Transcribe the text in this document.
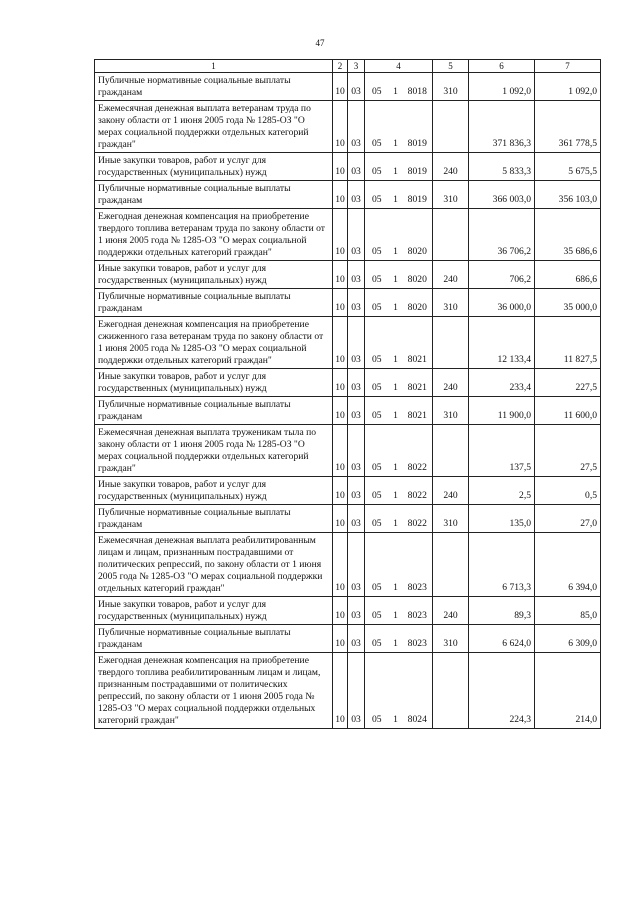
47
1	2	3	4			5	6	7
Публичные нормативные социальные выплаты гражданам	10	03	05	1	8018	310	1 092,0	1 092,0
Ежемесячная денежная выплата ветеранам труда по закону области от 1 июня 2005 года № 1285-ОЗ "О мерах социальной поддержки отдельных категорий граждан"	10	03	05	1	8019		371 836,3	361 778,5
Иные закупки товаров, работ и услуг для государственных (муниципальных) нужд	10	03	05	1	8019	240	5 833,3	5 675,5
Публичные нормативные социальные выплаты гражданам	10	03	05	1	8019	310	366 003,0	356 103,0
Ежегодная денежная компенсация на приобретение твердого топлива ветеранам труда по закону области от 1 июня 2005 года № 1285-ОЗ "О мерах социальной поддержки отдельных категорий граждан"	10	03	05	1	8020		36 706,2	35 686,6
Иные закупки товаров, работ и услуг для государственных (муниципальных) нужд	10	03	05	1	8020	240	706,2	686,6
Публичные нормативные социальные выплаты гражданам	10	03	05	1	8020	310	36 000,0	35 000,0
Ежегодная денежная компенсация на приобретение сжиженного газа ветеранам труда по закону области от 1 июня 2005 года № 1285-ОЗ "О мерах социальной поддержки отдельных категорий граждан"	10	03	05	1	8021		12 133,4	11 827,5
Иные закупки товаров, работ и услуг для государственных (муниципальных) нужд	10	03	05	1	8021	240	233,4	227,5
Публичные нормативные социальные выплаты гражданам	10	03	05	1	8021	310	11 900,0	11 600,0
Ежемесячная денежная выплата труженикам тыла по закону области от 1 июня 2005 года № 1285-ОЗ "О мерах социальной поддержки отдельных категорий граждан"	10	03	05	1	8022		137,5	27,5
Иные закупки товаров, работ и услуг для государственных (муниципальных) нужд	10	03	05	1	8022	240	2,5	0,5
Публичные нормативные социальные выплаты гражданам	10	03	05	1	8022	310	135,0	27,0
Ежемесячная денежная выплата реабилитированным лицам и лицам, признанным пострадавшими от политических репрессий, по закону области от 1 июня 2005 года № 1285-ОЗ "О мерах социальной поддержки отдельных категорий граждан"	10	03	05	1	8023		6 713,3	6 394,0
Иные закупки товаров, работ и услуг для государственных (муниципальных) нужд	10	03	05	1	8023	240	89,3	85,0
Публичные нормативные социальные выплаты гражданам	10	03	05	1	8023	310	6 624,0	6 309,0
Ежегодная денежная компенсация на приобретение твердого топлива реабилитированным лицам и лицам, признанным пострадавшими от политических репрессий, по закону области от 1 июня 2005 года № 1285-ОЗ "О мерах социальной поддержки отдельных категорий граждан"	10	03	05	1	8024		224,3	214,0
